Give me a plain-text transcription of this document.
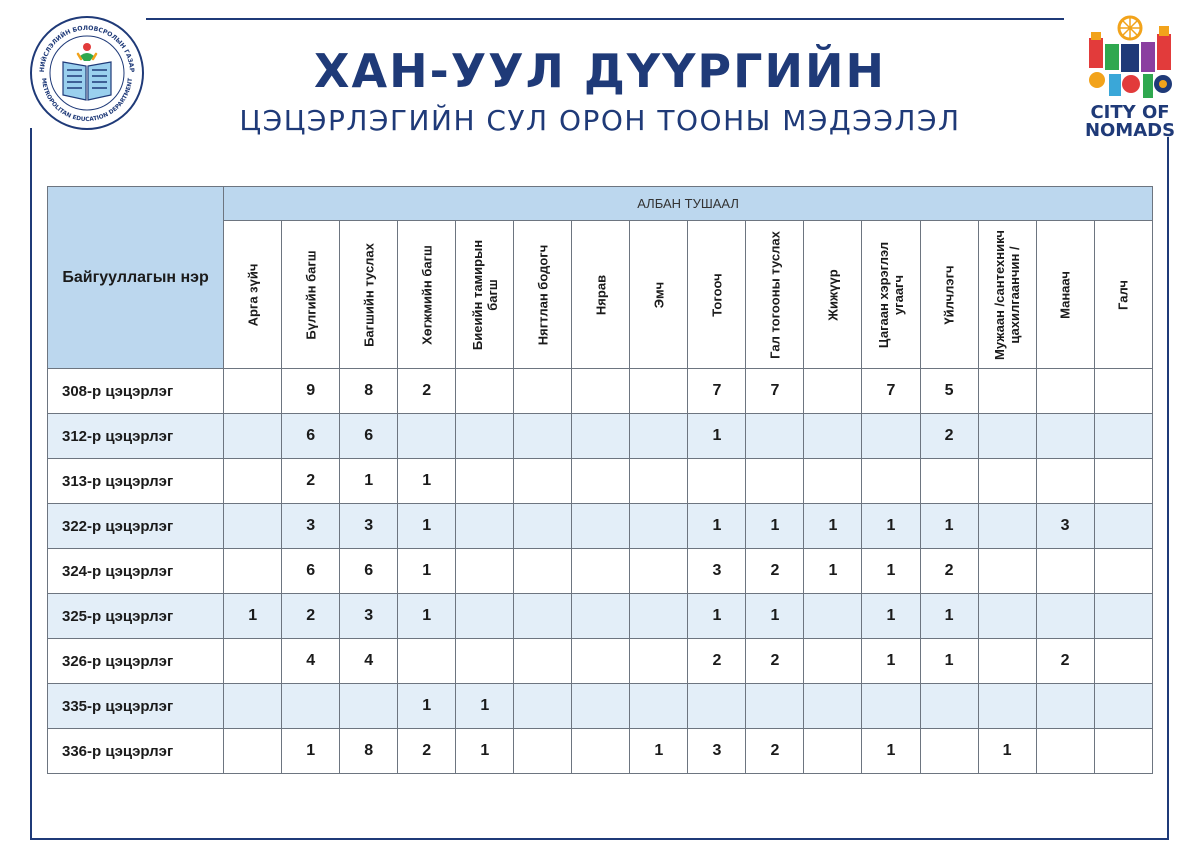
НИЙСЛЭЛИЙН БОЛОВСРОЛЫН ГАЗАР
METROPOLITAN EDUCATION DEPARTMENT
CITY OF
NOMADS
ХАН-УУЛ ДҮҮРГИЙН
ЦЭЦЭРЛЭГИЙН СУЛ ОРОН ТООНЫ МЭДЭЭЛЭЛ
Байгууллагын нэр	АЛБАН ТУШААЛ															

	Арга зүйч	Бүлгийн багш	Багшийн туслах	Хөгжмийн багш	Биеийн тамирын багш	Нягтлан бодогч	Нярав	Эмч	Тогооч	Гал тогооны туслах	Жижүүр	Цагаан хэрэглэл угаагч	Үйлчлэгч	Мужаан /сантехникч цахилгаанчин /	Манаач	Галч

308-р цэцэрлэг		9	8	2					7	7		7	5			
312-р цэцэрлэг		6	6						1				2			
313-р цэцэрлэг		2	1	1												
322-р цэцэрлэг		3	3	1					1	1	1	1	1		3	
324-р цэцэрлэг		6	6	1					3	2	1	1	2			
325-р цэцэрлэг	1	2	3	1					1	1		1	1			
326-р цэцэрлэг		4	4						2	2		1	1		2	
335-р цэцэрлэг				1	1											
336-р цэцэрлэг		1	8	2	1			1	3	2		1		1		
